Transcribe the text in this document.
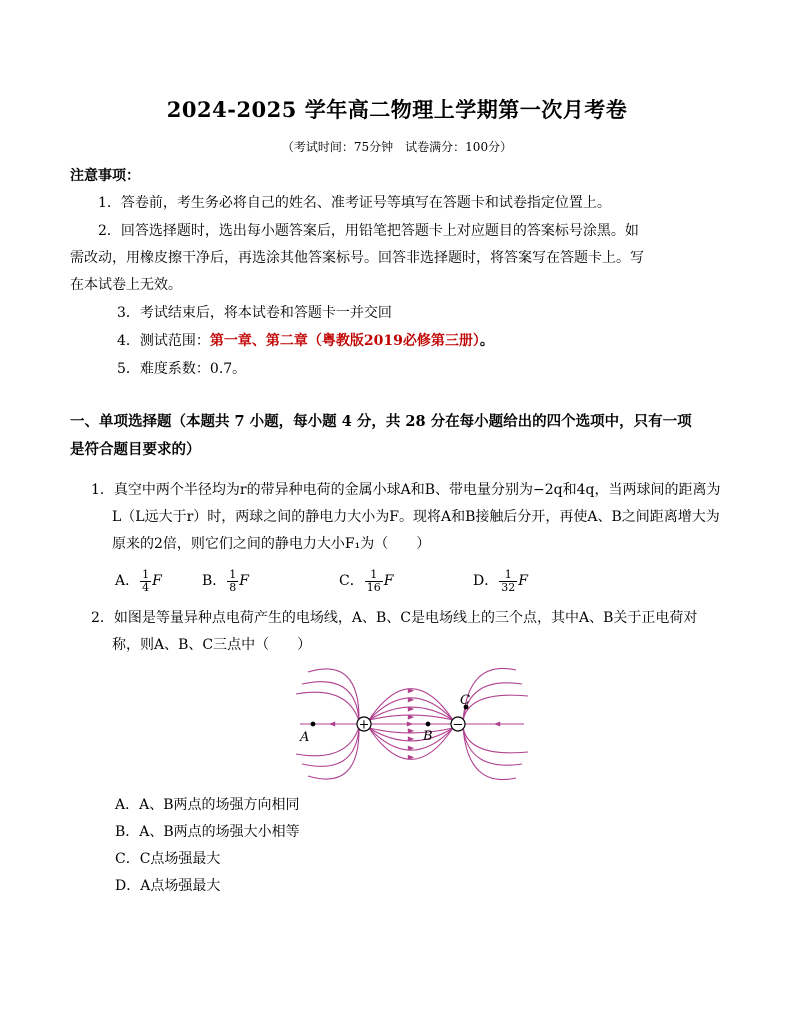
2024-2025 学年高二物理上学期第一次月考卷
（考试时间：75分钟　试卷满分：100分）
注意事项：
1．答卷前，考生务必将自己的姓名、准考证号等填写在答题卡和试卷指定位置上。
2．回答选择题时，选出每小题答案后，用铅笔把答题卡上对应题目的答案标号涂黑。如
需改动，用橡皮擦干净后，再选涂其他答案标号。回答非选择题时，将答案写在答题卡上。写
在本试卷上无效。
3．考试结束后，将本试卷和答题卡一并交回
4．测试范围：第一章、第二章（粤教版2019必修第三册）。
5．难度系数：0.7。
一、单项选择题（本题共 7 小题，每小题 4 分，共 28 分在每小题给出的四个选项中，只有一项
是符合题目要求的）
1．真空中两个半径均为r的带异种电荷的金属小球A和B、带电量分别为−2q和4q，当两球间的距离为
L（L远大于r）时，两球之间的静电力大小为F。现将A和B接触后分开，再使A、B之间距离增大为
原来的2倍，则它们之间的静电力大小F₁为（　　）
A． $\frac{1}{4}$ F	B． $\frac{1}{8}$ F	C． $\frac{1}{16}$ F	D． $\frac{1}{32}$ F
2．如图是等量异种点电荷产生的电场线，A、B、C是电场线上的三个点，其中A、B关于正电荷对
称，则A、B、C三点中（　　）
+	−
A	B
C
A．A、B两点的场强方向相同
B．A、B两点的场强大小相等
C．C点场强最大
D．A点场强最大
